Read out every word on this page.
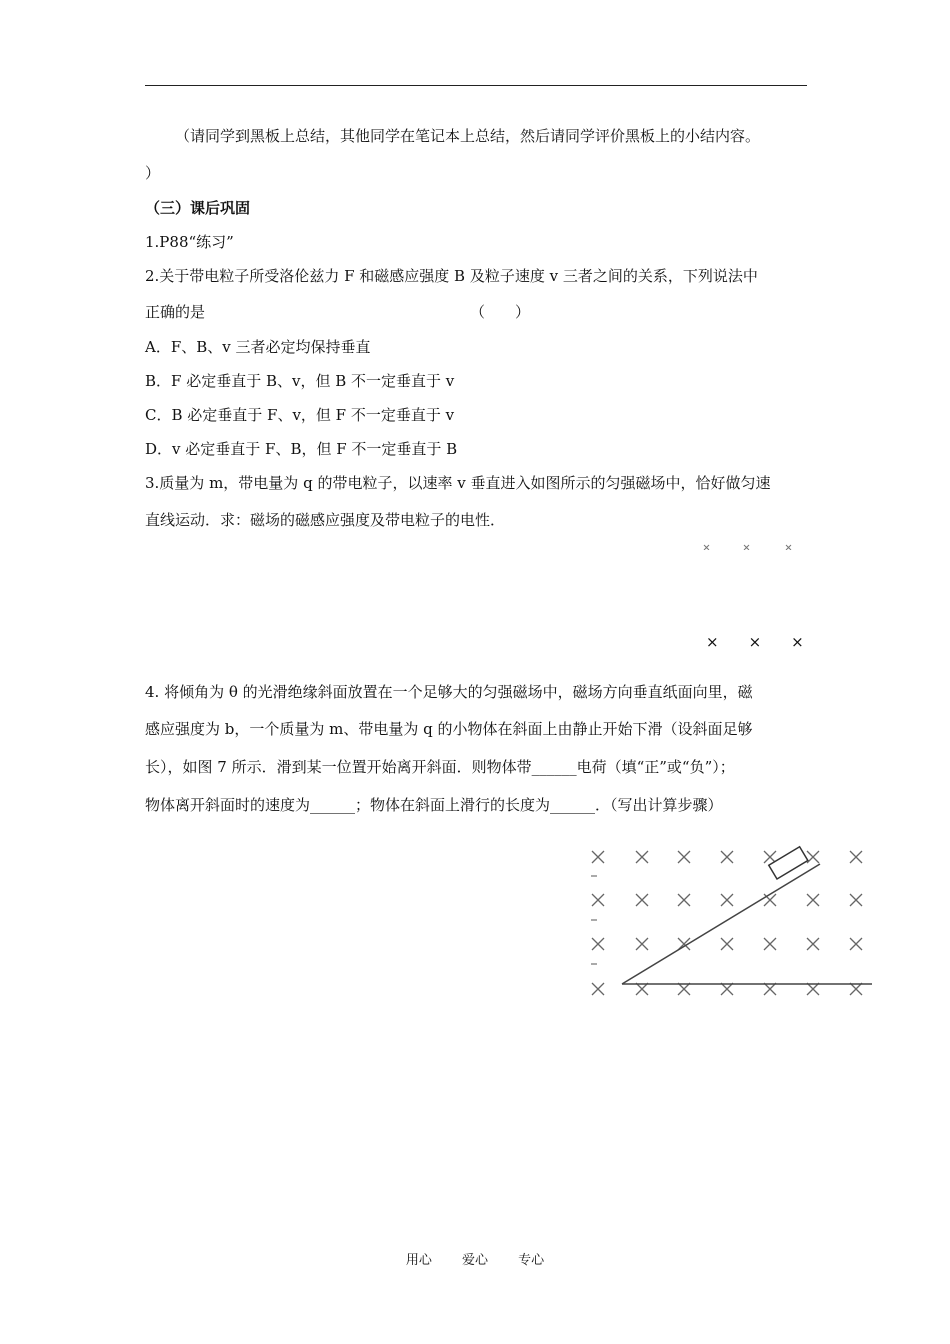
（请同学到黑板上总结，其他同学在笔记本上总结，然后请同学评价黑板上的小结内容。
）
（三）课后巩固
1.P88“练习”
2.关于带电粒子所受洛伦兹力 F 和磁感应强度 B 及粒子速度 v 三者之间的关系，下列说法中
正确的是	（　　）
A．F、B、v 三者必定均保持垂直
B．F 必定垂直于 B、v，但 B 不一定垂直于 v
C．B 必定垂直于 F、v，但 F 不一定垂直于 v
D．v 必定垂直于 F、B，但 F 不一定垂直于 B
3.质量为 m，带电量为 q 的带电粒子，以速率 v 垂直进入如图所示的匀强磁场中，恰好做匀速
直线运动．求：磁场的磁感应强度及带电粒子的电性．
×　　×　　×
4. 将倾角为 θ 的光滑绝缘斜面放置在一个足够大的匀强磁场中，磁场方向垂直纸面向里，磁
感应强度为 b，一个质量为 m、带电量为 q 的小物体在斜面上由静止开始下滑（设斜面足够
长），如图 7 所示．滑到某一位置开始离开斜面．则物体带______电荷（填“正”或“负”）；
物体离开斜面时的速度为______；物体在斜面上滑行的长度为______．（写出计算步骤）
用心 爱心 专心
